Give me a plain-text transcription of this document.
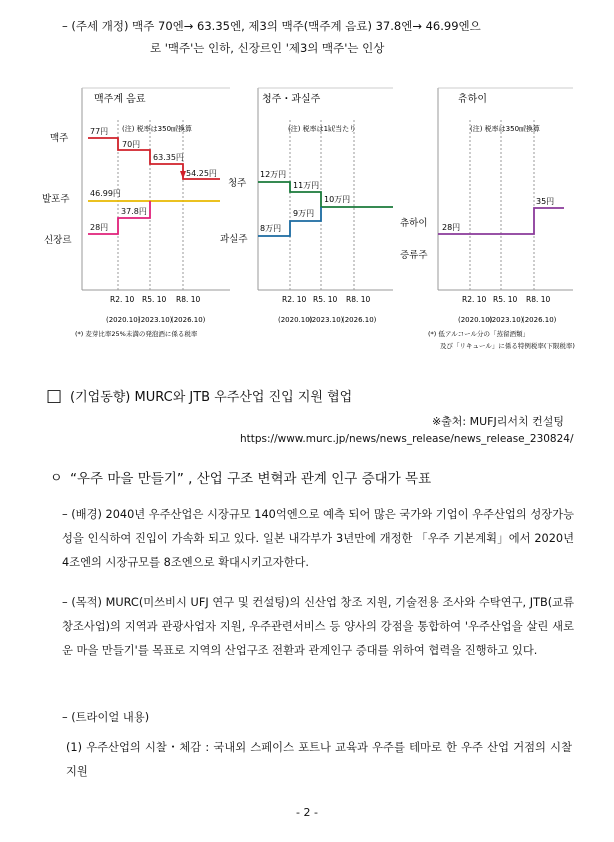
– (주세 개정) 맥주 70엔→ 63.35엔, 제3의 맥주(맥주계 음료) 37.8엔→ 46.99엔으
로 '맥주'는 인하, 신장르인 '제3의 맥주'는 인상
맥주계 음료
(注) 税率は350㎖換算
77円
70円
63.35円
54.25円
46.99円
37.8円
28円
맥주
발포주
신장르
R2. 10 R5. 10 R8. 10
(2020.10)
(2023.10)
(2026.10)
(*) 麦芽比率25%未満の発泡酒に係る税率
청주・과실주
(注) 税率は1㎘当たり
12万円
11万円
10万円
9万円
8万円
R2. 10 R5. 10 R8. 10
(2020.10)
(2023.10)
(2026.10)
청주
과실주
츄하이
(注) 税率は350㎖換算
35円
28円
R2. 10 R5. 10 R8. 10
(2020.10)
(2023.10)
(2026.10)
(*) 低アルコール分の「蒸留酒類」
及び「リキュール」に係る特例税率(下限税率)
츄하이
증류주
□ (기업동향) MURC와 JTB 우주산업 진입 지원 협업
※출처: MUFJ리서치 컨설팅
https://www.murc.jp/news/news_release/news_release_230824/
ㅇ “우주 마을 만들기” , 산업 구조 변혁과 관계 인구 증대가 목표
– (배경) 2040년 우주산업은 시장규모 140억엔으로 예측 되어 많은 국가와 기업이 우주산업의 성장가능성을 인식하여 진입이 가속화 되고 있다. 일본 내각부가 3년만에 개정한 「우주 기본계획」에서 2020년 4조엔의 시장규모를 8조엔으로 확대시키고자한다.
– (목적) MURC(미쓰비시 UFJ 연구 및 컨설팅)의 신산업 창조 지원, 기술전용 조사와 수탁연구, JTB(교류창조사업)의 지역과 관광사업자 지원, 우주관련서비스 등 양사의 강점을 통합하여 '우주산업을 살린 새로운 마을 만들기'를 목표로 지역의 산업구조 전환과 관계인구 증대를 위하여 협력을 진행하고 있다.
– (트라이얼 내용)
(1) 우주산업의 시찰・체감 : 국내외 스페이스 포트나 교육과 우주를 테마로 한 우주 산업 거점의 시찰 지원
- 2 -
